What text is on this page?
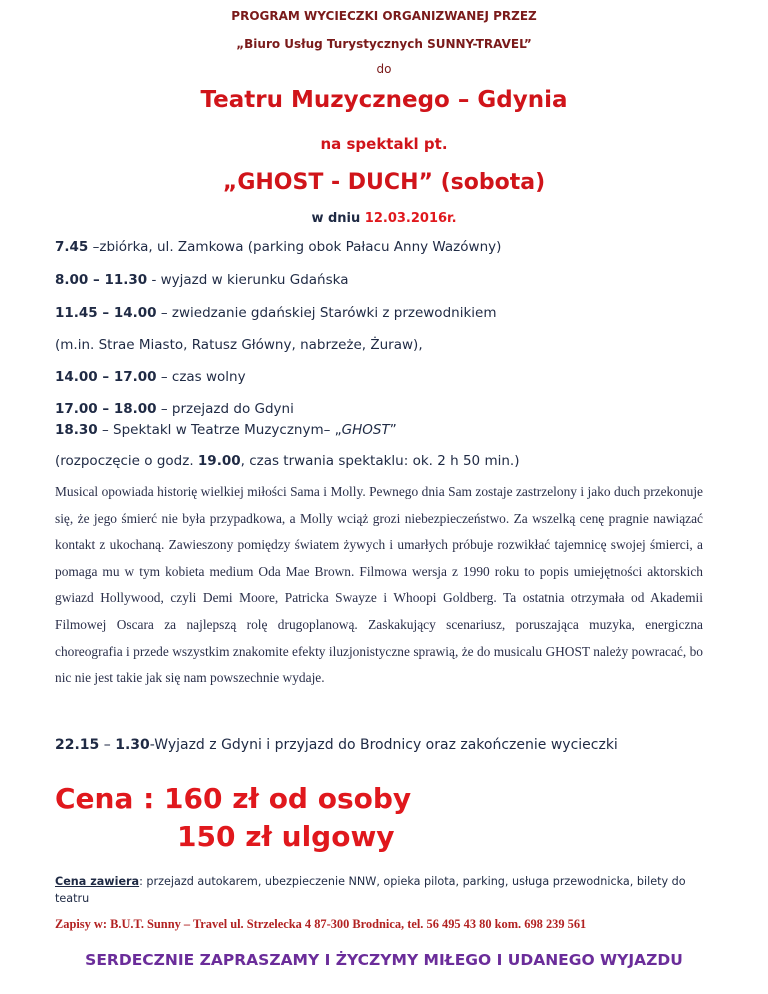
PROGRAM WYCIECZKI ORGANIZWANEJ PRZEZ
„Biuro Usług Turystycznych SUNNY-TRAVEL”
do
Teatru Muzycznego – Gdynia
na spektakl pt.
„GHOST - DUCH” (sobota)
w dniu 12.03.2016r.
7.45 –zbiórka, ul. Zamkowa (parking obok Pałacu Anny Wazówny)
8.00 – 11.30 - wyjazd w kierunku Gdańska
11.45 – 14.00 – zwiedzanie gdańskiej Starówki z przewodnikiem
(m.in. Strae Miasto, Ratusz Główny, nabrzeże, Żuraw),
14.00 – 17.00 – czas wolny
17.00 – 18.00 – przejazd do Gdyni
18.30 – Spektakl w Teatrze Muzycznym– „GHOST”
(rozpoczęcie o godz. 19.00, czas trwania spektaklu: ok. 2 h 50 min.)
Musical opowiada historię wielkiej miłości Sama i Molly. Pewnego dnia Sam zostaje zastrzelony i jako duch przekonuje się, że jego śmierć nie była przypadkowa, a Molly wciąż grozi niebezpieczeństwo. Za wszelką cenę pragnie nawiązać kontakt z ukochaną. Zawieszony pomiędzy światem żywych i umarłych próbuje rozwikłać tajemnicę swojej śmierci, a pomaga mu w tym kobieta medium Oda Mae Brown. Filmowa wersja z 1990 roku to popis umiejętności aktorskich gwiazd Hollywood, czyli Demi Moore, Patricka Swayze i Whoopi Goldberg. Ta ostatnia otrzymała od Akademii Filmowej Oscara za najlepszą rolę drugoplanową. Zaskakujący scenariusz, poruszająca muzyka, energiczna choreografia i przede wszystkim znakomite efekty iluzjonistyczne sprawią, że do musicalu GHOST należy powracać, bo nic nie jest takie jak się nam powszechnie wydaje.
22.15 – 1.30-Wyjazd z Gdyni i przyjazd do Brodnicy oraz zakończenie wycieczki
Cena : 160 zł od osoby
150 zł ulgowy
Cena zawiera: przejazd autokarem, ubezpieczenie NNW, opieka pilota, parking, usługa przewodnicka, bilety do teatru
Zapisy w: B.U.T. Sunny – Travel ul. Strzelecka 4 87-300 Brodnica, tel. 56 495 43 80 kom. 698 239 561
SERDECZNIE ZAPRASZAMY I ŻYCZYMY MIŁEGO I UDANEGO WYJAZDU
